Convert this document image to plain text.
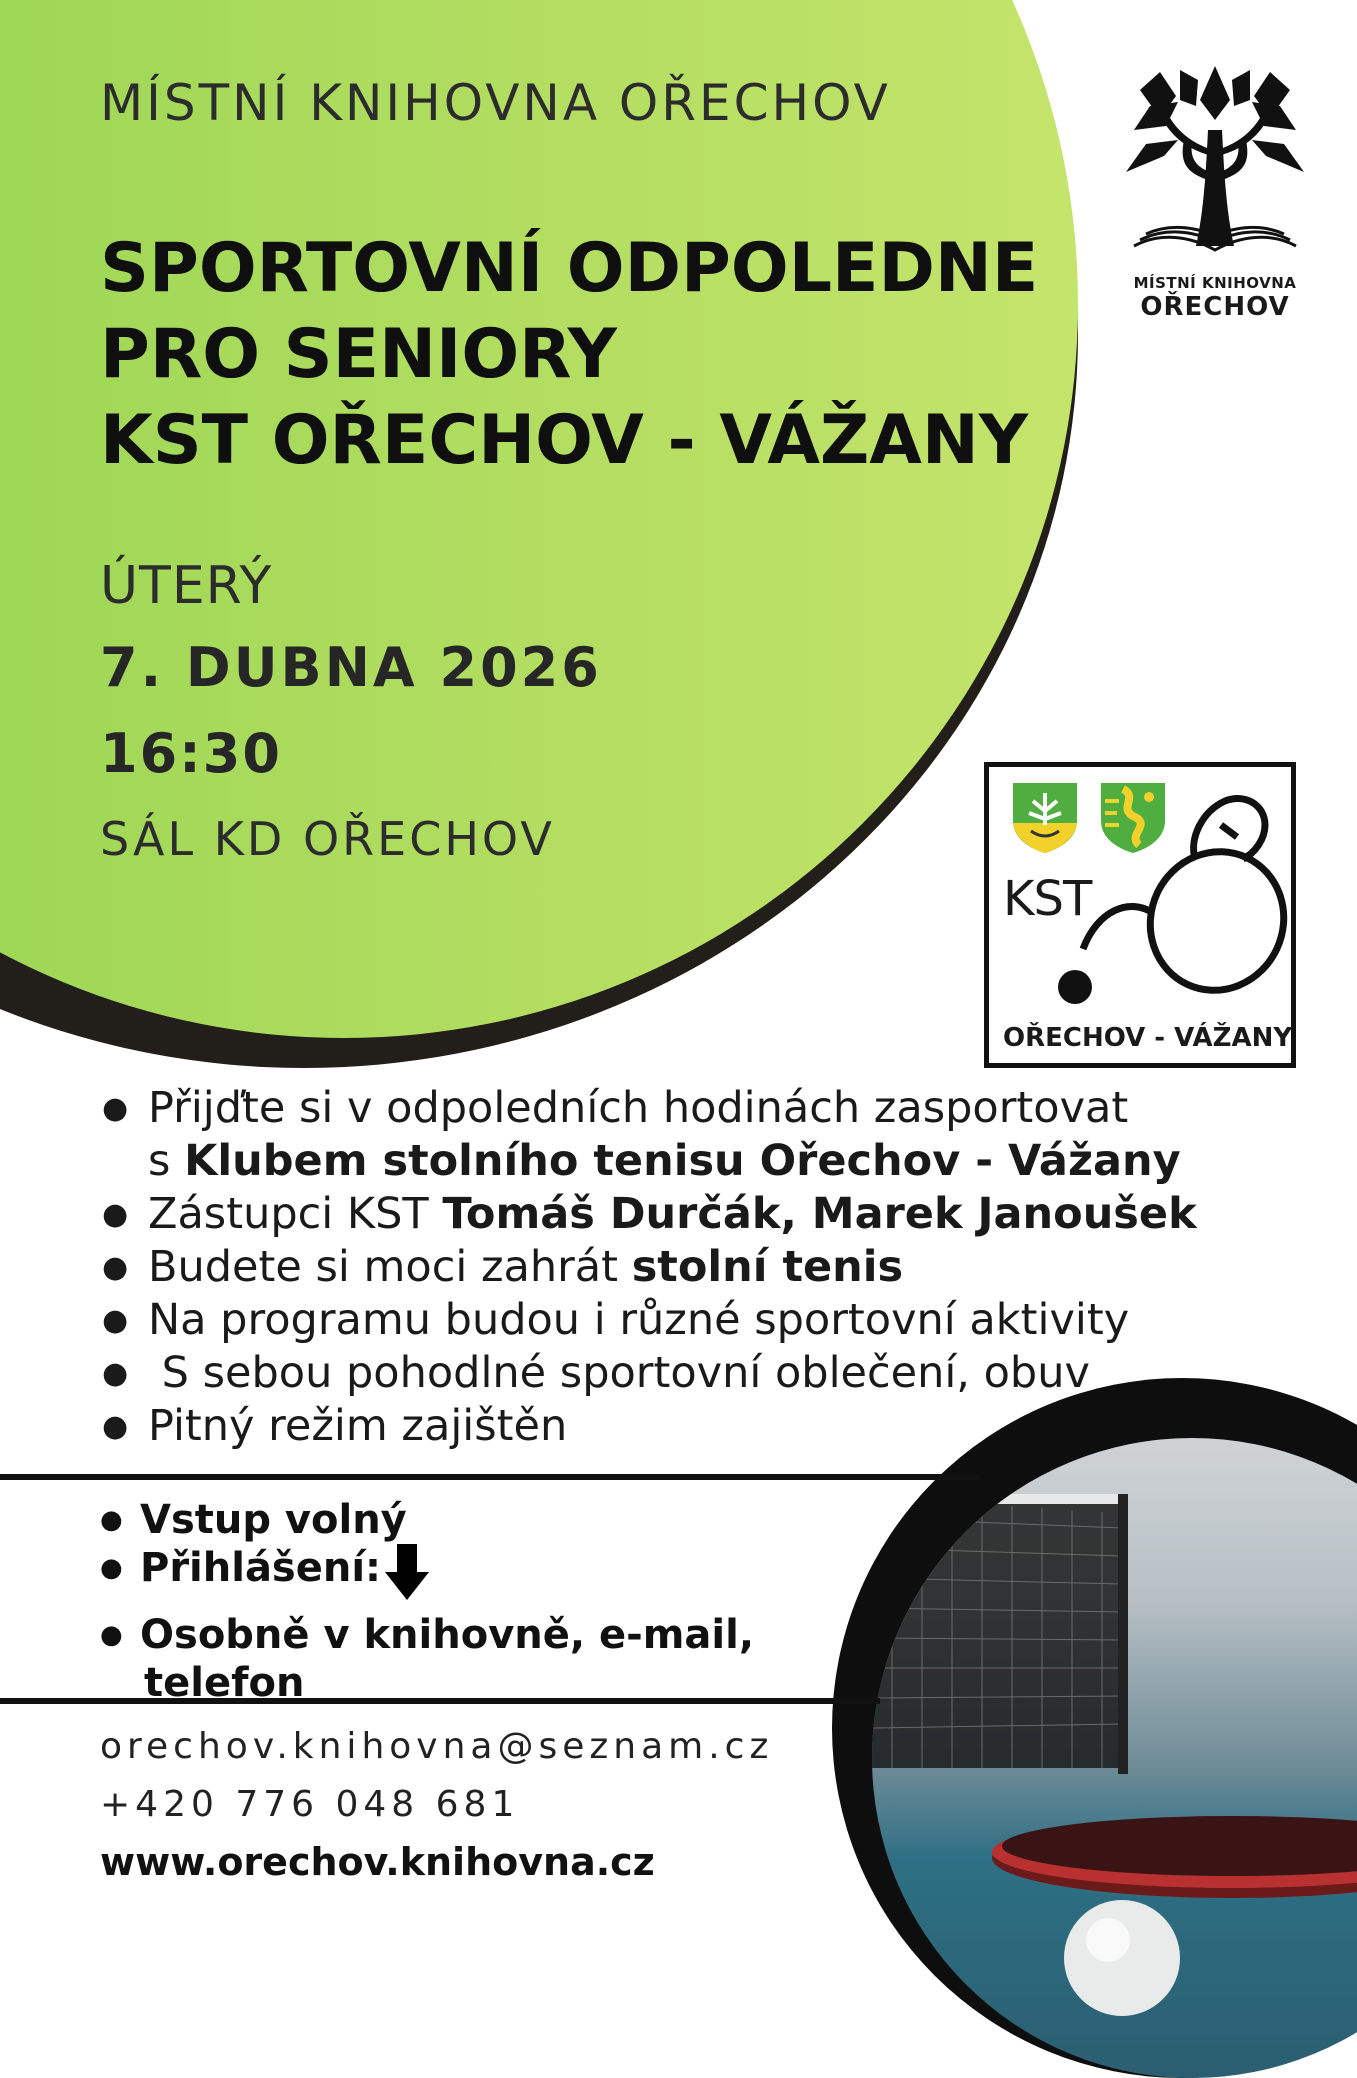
MÍSTNÍ KNIHOVNA OŘECHOV
SPORTOVNÍ ODPOLEDNE
PRO SENIORY
KST OŘECHOV - VÁŽANY
ÚTERÝ
7. DUBNA 2026
16:30
SÁL KD OŘECHOV
MÍSTNÍ KNIHOVNA
OŘECHOV
KST
OŘECHOV - VÁŽANY
● Přijďte si v odpoledních hodinách zasportovat
s Klubem stolního tenisu Ořechov - Vážany
● Zástupci KST Tomáš Durčák, Marek Janoušek
● Budete si moci zahrát stolní tenis
● Na programu budou i různé sportovní aktivity
●  S sebou pohodlné sportovní oblečení, obuv
● Pitný režim zajištěn
● Vstup volný
● Přihlášení:
● Osobně v knihovně, e-mail,
telefon
orechov.knihovna@seznam.cz
+420 776 048 681
www.orechov.knihovna.cz
